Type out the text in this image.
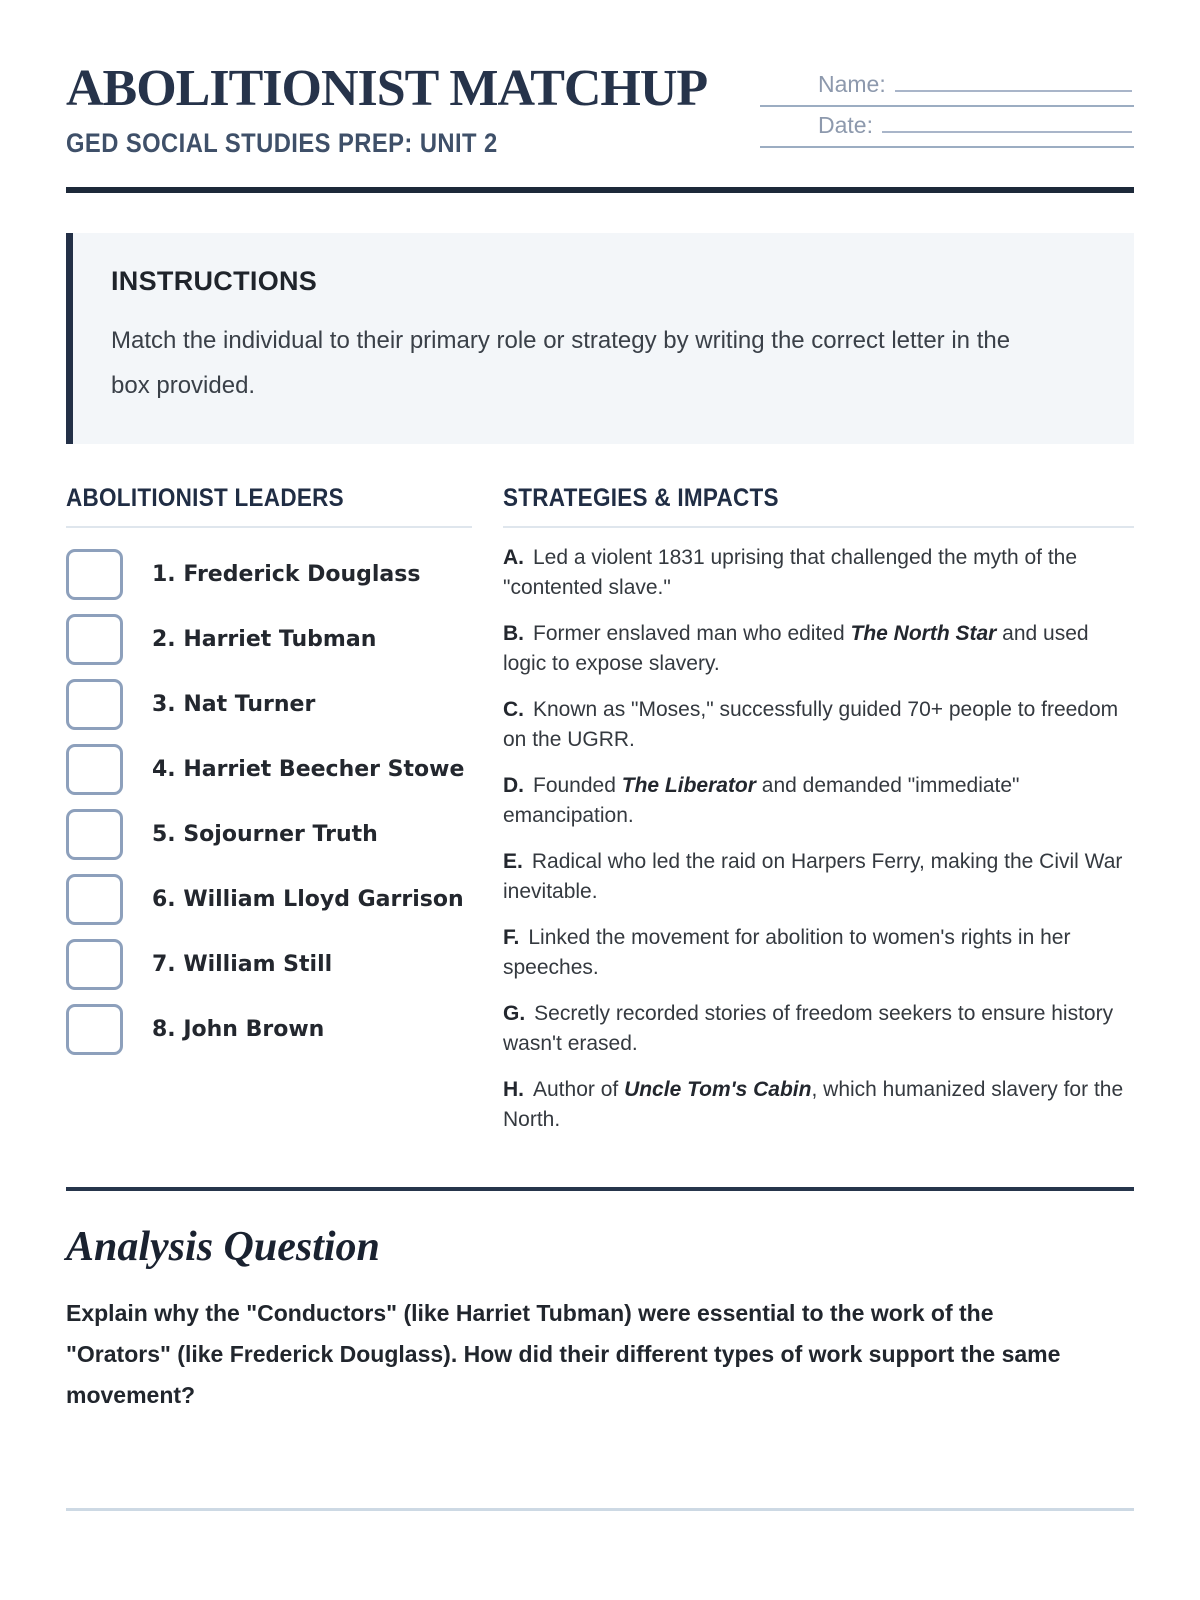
ABOLITIONIST MATCHUP
GED SOCIAL STUDIES PREP: UNIT 2
Name:
Date:
INSTRUCTIONS
Match the individual to their primary role or strategy by writing the correct letter in the box provided.
ABOLITIONIST LEADERS
1. Frederick Douglass
2. Harriet Tubman
3. Nat Turner
4. Harriet Beecher Stowe
5. Sojourner Truth
6. William Lloyd Garrison
7. William Still
8. John Brown
STRATEGIES & IMPACTS

A. Led a violent 1831 uprising that challenged the myth of the "contented slave."

B. Former enslaved man who edited The North Star and used logic to expose slavery.

C. Known as "Moses," successfully guided 70+ people to freedom on the UGRR.

D. Founded The Liberator and demanded "immediate" emancipation.

E. Radical who led the raid on Harpers Ferry, making the Civil War inevitable.

F. Linked the movement for abolition to women's rights in her speeches.

G. Secretly recorded stories of freedom seekers to ensure history wasn't erased.

H. Author of Uncle Tom's Cabin, which humanized slavery for the North.

Analysis Question
Explain why the "Conductors" (like Harriet Tubman) were essential to the work of the "Orators" (like Frederick Douglass). How did their different types of work support the same movement?
